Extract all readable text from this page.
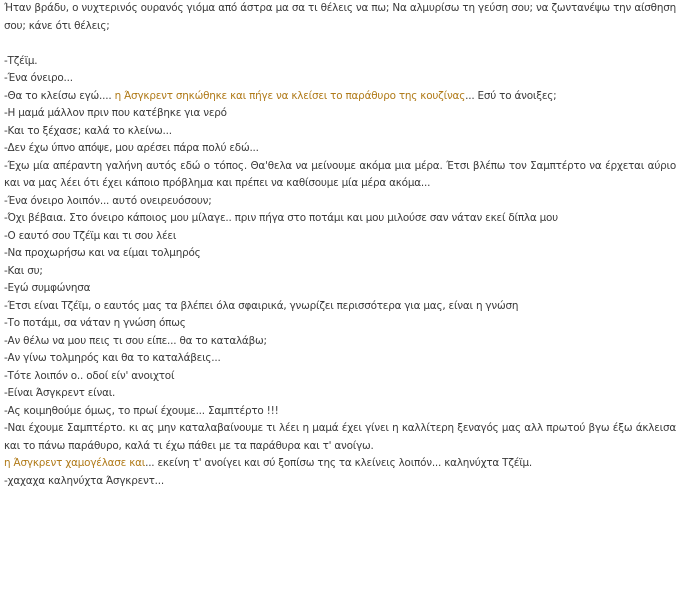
Ήταν βράδυ, ο νυχτερινός ουρανός γιόμα από άστρα μα σα τι θέλεις να πω; Να αλμυρίσω τη γεύση σου; να ζωντανέψω την αίσθηση σου; κάνε ότι θέλεις;

-Τζέϊμ.

-Ένα όνειρο...

-Θα το κλείσω εγώ.... η Άσγκρεντ σηκώθηκε και πήγε να κλείσει το παράθυρο της κουζίνας... Εσύ το άνοιξες;

-Η μαμά μάλλον πριν που κατέβηκε για νερό

-Και το ξέχασε; καλά το κλείνω...

-Δεν έχω ύπνο απόψε, μου αρέσει πάρα πολύ εδώ...

-Έχω μία απέραντη γαλήνη αυτός εδώ ο τόπος. Θα'θελα να μείνουμε ακόμα μια μέρα. Έτσι βλέπω τον Σαμπτέρτο να έρχεται αύριο και να μας λέει ότι έχει κάποιο πρόβλημα και πρέπει να καθίσουμε μία μέρα ακόμα...

-Ένα όνειρο λοιπόν... αυτό ονειρευόσουν;

-Όχι βέβαια. Στο όνειρο κάποιος μου μίλαγε.. πριν πήγα στο ποτάμι και μου μιλούσε σαν νάταν εκεί δίπλα μου

-Ο εαυτό σου Τζέϊμ και τι σου λέει

-Να προχωρήσω και να είμαι τολμηρός

-Και συ;

-Εγώ συμφώνησα

-Έτσι είναι Τζέϊμ, ο εαυτός μας τα βλέπει όλα σφαιρικά, γνωρίζει περισσότερα για μας, είναι η γνώση

-Το ποτάμι, σα νάταν η γνώση όπως

-Αν θέλω να μου πεις τι σου είπε... θα το καταλάβω;

-Αν γίνω τολμηρός και θα το καταλάβεις...

-Τότε λοιπόν ο.. οδοί είν' ανοιχτοί

-Είναι Άσγκρεντ είναι.

-Ας κοιμηθούμε όμως, το πρωί έχουμε... Σαμπτέρτο !!!

-Ναι έχουμε Σαμπτέρτο. κι ας μην καταλαβαίνουμε τι λέει η μαμά έχει γίνει η καλλίτερη ξεναγός μας αλλ πρωτού βγω έξω άκλεισα και το πάνω παράθυρο, καλά τι έχω πάθει με τα παράθυρα και τ' ανοίγω.

η Άσγκρεντ χαμογέλασε και... εκείνη τ' ανοίγει και σύ ξοπίσω της τα κλείνεις λοιπόν... καληνύχτα Τζέϊμ.

-χαχαχα καληνύχτα Άσγκρεντ...
